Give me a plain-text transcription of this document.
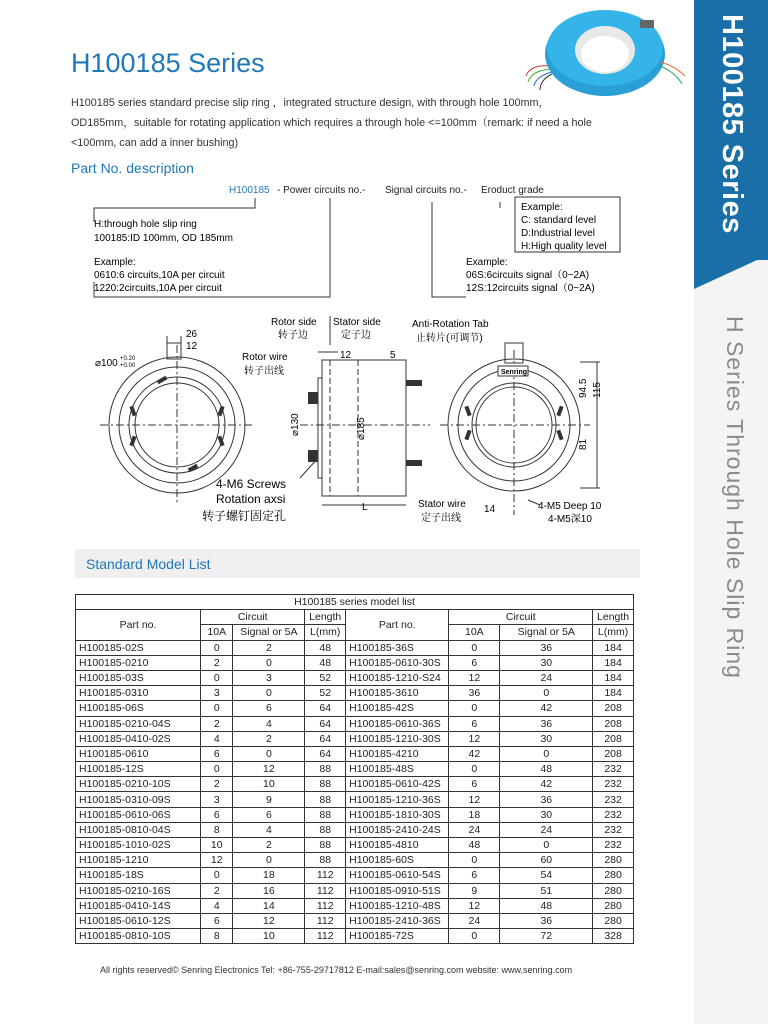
H100185 Series
H Series Through Hole Slip Ring
H100185 Series
H100185 series standard precise slip ring ，integrated structure design, with through hole 100mm，OD185mm，suitable for rotating application which requires a through hole <=100mm（remark: if need a hole <100mm, can add a inner bushing)
Part No. description
H100185 - Power circuits no.- Signal circuits no.- Eroduct grade
H:through hole slip ring
100185:ID 100mm, OD 185mm
Example:
0610:6 circuits,10A per circuit
1220:2circuits,10A per circuit
Example:
C: standard level
D:Industrial level
H:High quality level
Example:
06S:6circuits signal（0~2A)
12S:12circuits signal（0~2A)
26
12
⌀100 +0.20
+0.00
Rotor side
转子边
Stator side
定子边
Rotor wire
转子出线
12	5
⌀130	⌀185
L
4-M6 Screws
Rotation axsi
转子螺钉固定孔
Anti-Rotation Tab
止转片(可调节)
Senring
94.5 115
81
Stator wire
定子出线
14	4-M5 Deep 10
4-M5深10
Standard Model List
H100185 series model list							
Part no.	Circuit		Length	Part no.	Circuit		Length
	10A	Signal or 5A	L(mm)		10A	Signal or 5A	L(mm)
H100185-02S	0	2	48	H100185-36S	0	36	184
H100185-0210	2	0	48	H100185-0610-30S	6	30	184
H100185-03S	0	3	52	H100185-1210-S24	12	24	184
H100185-0310	3	0	52	H100185-3610	36	0	184
H100185-06S	0	6	64	H100185-42S	0	42	208
H100185-0210-04S	2	4	64	H100185-0610-36S	6	36	208
H100185-0410-02S	4	2	64	H100185-1210-30S	12	30	208
H100185-0610	6	0	64	H100185-4210	42	0	208
H100185-12S	0	12	88	H100185-48S	0	48	232
H100185-0210-10S	2	10	88	H100185-0610-42S	6	42	232
H100185-0310-09S	3	9	88	H100185-1210-36S	12	36	232
H100185-0610-06S	6	6	88	H100185-1810-30S	18	30	232
H100185-0810-04S	8	4	88	H100185-2410-24S	24	24	232
H100185-1010-02S	10	2	88	H100185-4810	48	0	232
H100185-1210	12	0	88	H100185-60S	0	60	280
H100185-18S	0	18	112	H100185-0610-54S	6	54	280
H100185-0210-16S	2	16	112	H100185-0910-51S	9	51	280
H100185-0410-14S	4	14	112	H100185-1210-48S	12	48	280
H100185-0610-12S	6	12	112	H100185-2410-36S	24	36	280
H100185-0810-10S	8	10	112	H100185-72S	0	72	328
All rights reserved© Senring Electronics Tel: +86-755-29717812 E-mail:sales@senring.com website: www.senring.com
